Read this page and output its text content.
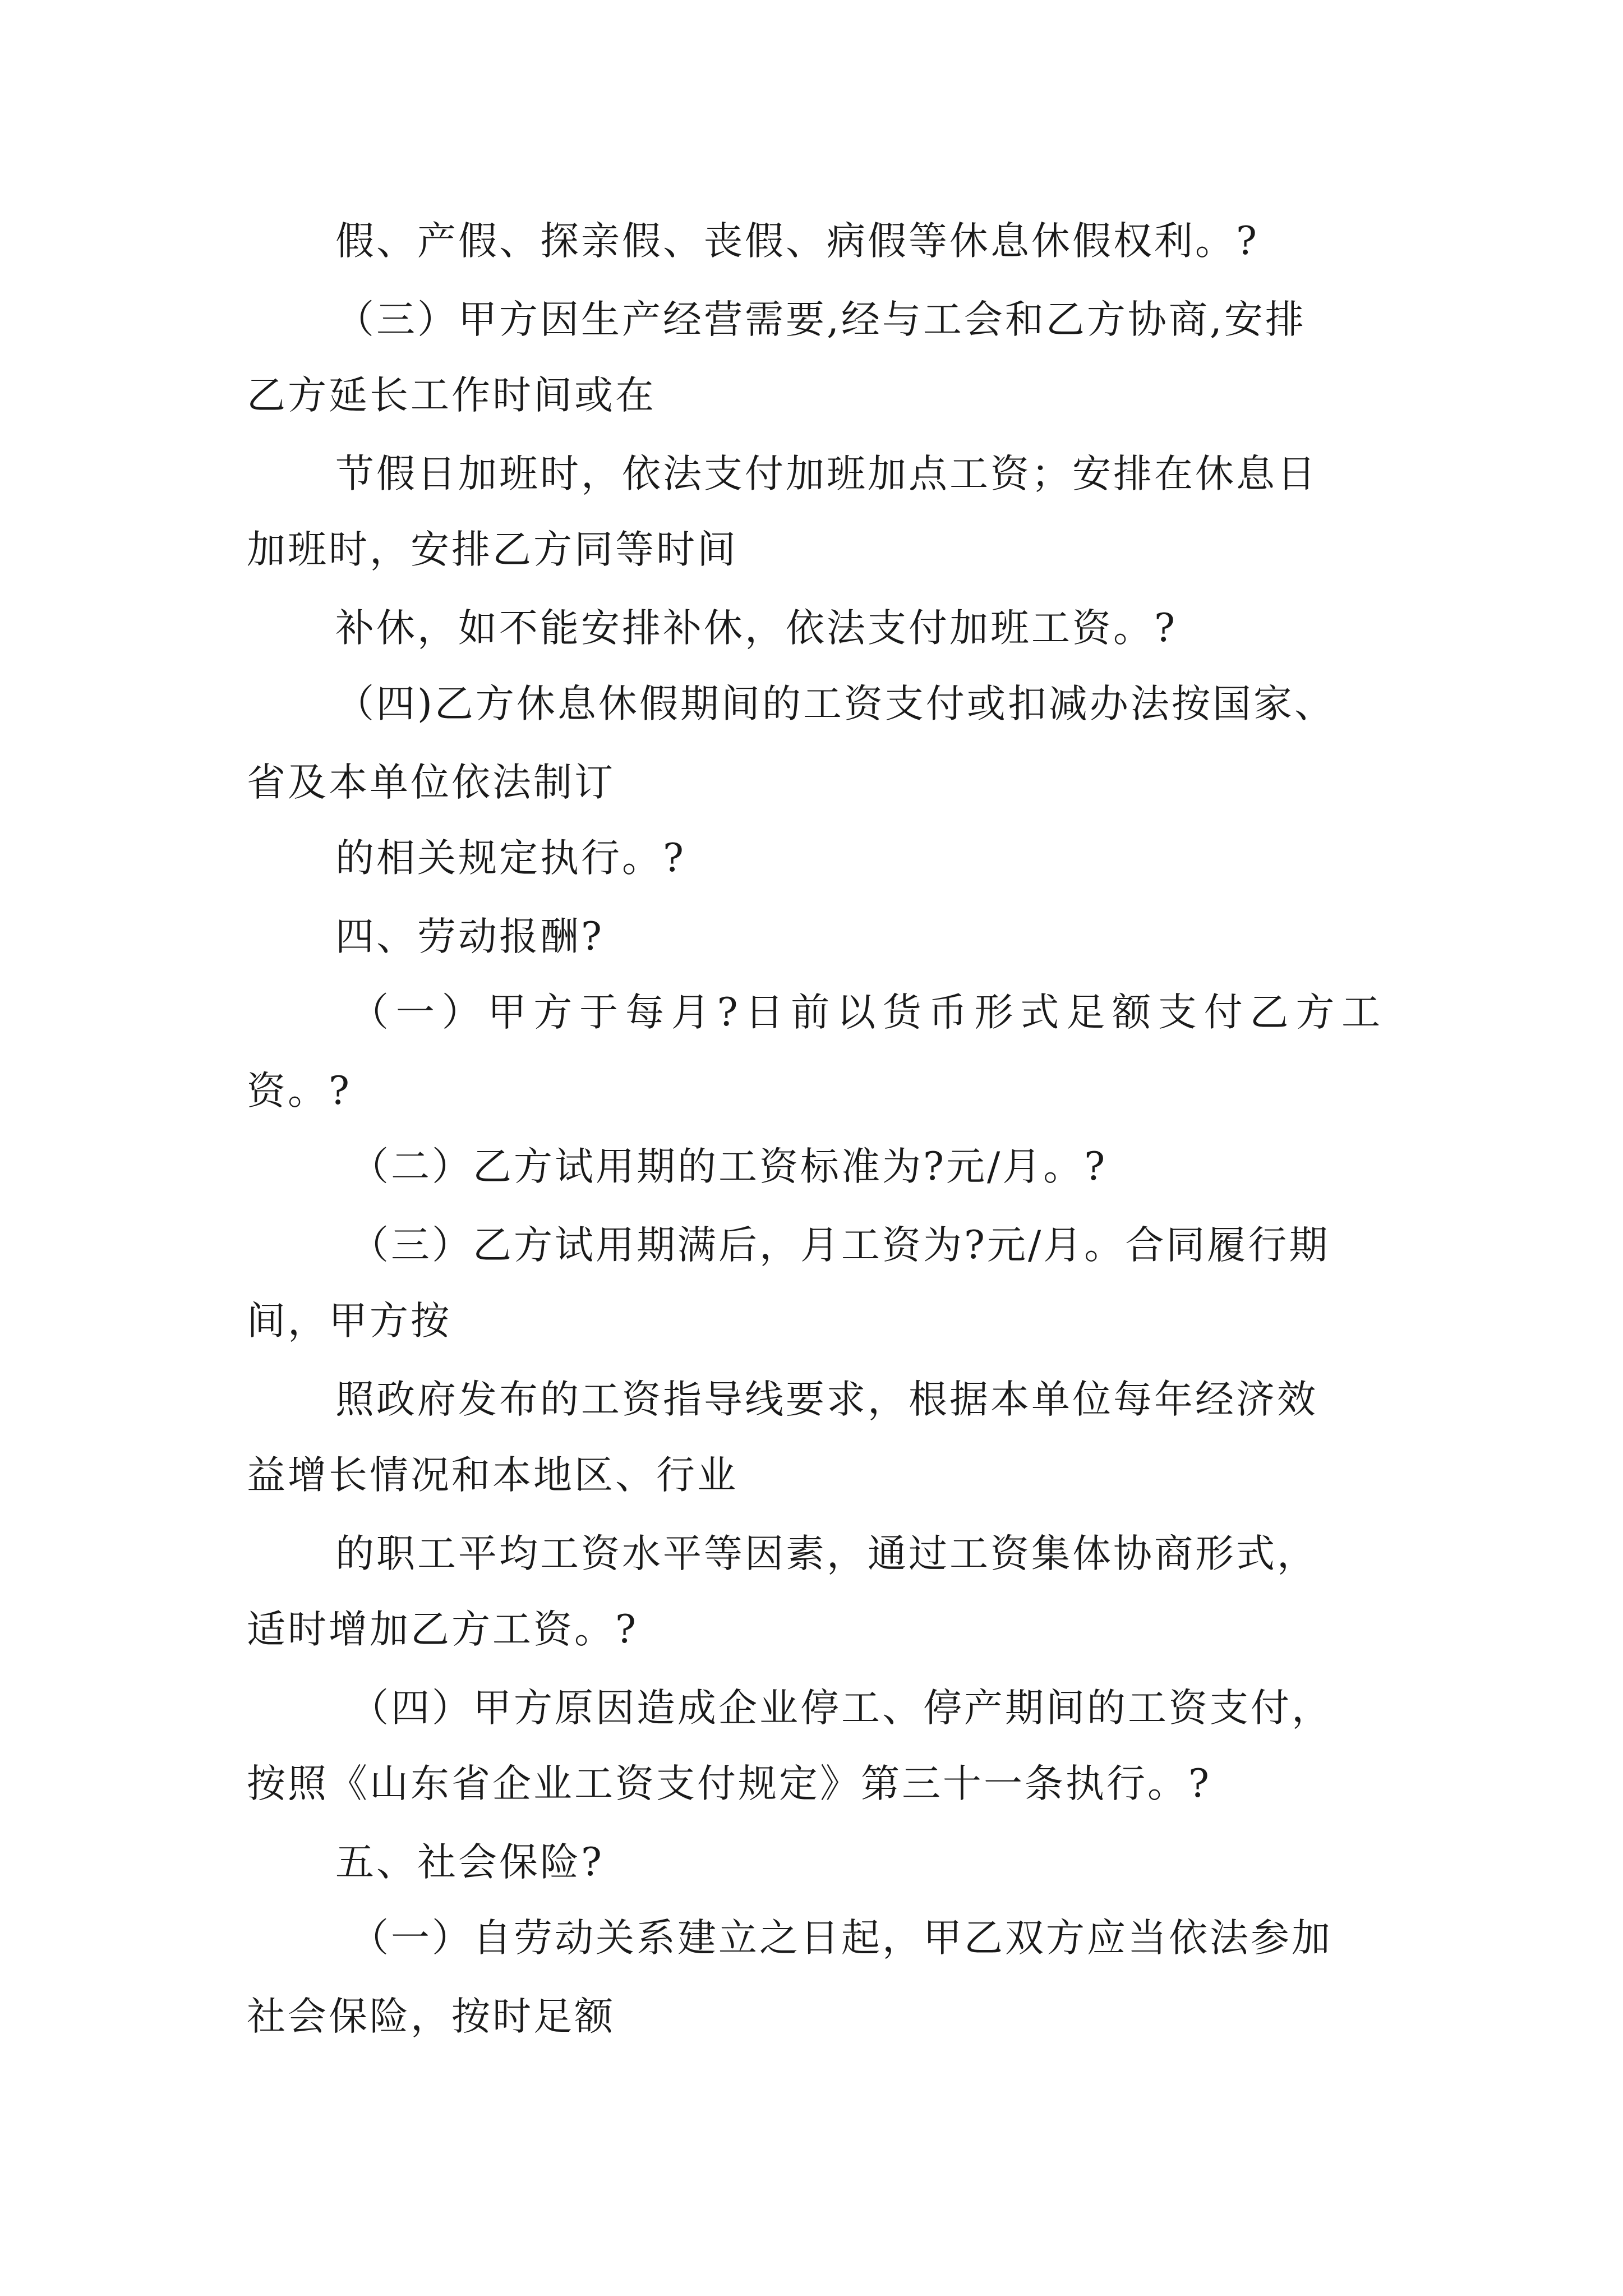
假、产假、探亲假、丧假、病假等休息休假权利。?
（三）甲方因生产经营需要,经与工会和乙方协商,安排
乙方延长工作时间或在
节假日加班时，依法支付加班加点工资；安排在休息日
加班时，安排乙方同等时间
补休，如不能安排补休，依法支付加班工资。?
（四)乙方休息休假期间的工资支付或扣减办法按国家、
省及本单位依法制订
的相关规定执行。?
四、劳动报酬?
（一）甲方于每月?日前以货币形式足额支付乙方工
资。?
（二）乙方试用期的工资标准为?元/月。?
（三）乙方试用期满后，月工资为?元/月。合同履行期
间，甲方按
照政府发布的工资指导线要求，根据本单位每年经济效
益增长情况和本地区、行业
的职工平均工资水平等因素，通过工资集体协商形式，
适时增加乙方工资。?
（四）甲方原因造成企业停工、停产期间的工资支付，
按照《山东省企业工资支付规定》第三十一条执行。?
五、社会保险?
（一）自劳动关系建立之日起，甲乙双方应当依法参加
社会保险，按时足额
